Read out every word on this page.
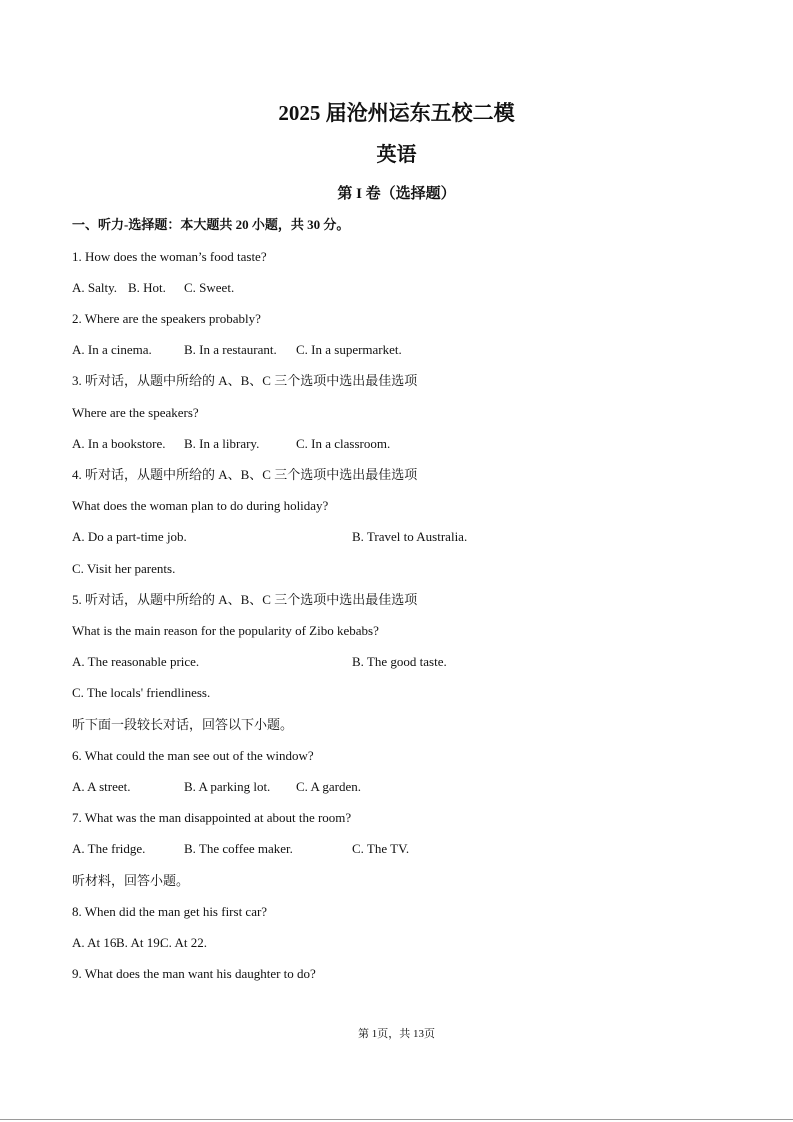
2025 届沧州运东五校二模
英语
第 I 卷（选择题）
一、听力-选择题：本大题共 20 小题，共 30 分。
1. How does the woman’s food taste?
A. Salty. B. Hot. C. Sweet.
2. Where are the speakers probably?
A. In a cinema. B. In a restaurant. C. In a supermarket.
3. 听对话，从题中所给的 A、B、C 三个选项中选出最佳选项
Where are the speakers?
A. In a bookstore. B. In a library.	C. In a classroom.
4. 听对话，从题中所给的 A、B、C 三个选项中选出最佳选项
What does the woman plan to do during holiday?
A. Do a part-time job.	B. Travel to Australia.
C. Visit her parents.
5. 听对话，从题中所给的 A、B、C 三个选项中选出最佳选项
What is the main reason for the popularity of Zibo kebabs?
A. The reasonable price.	B. The good taste.
C. The locals' friendliness.
听下面一段较长对话，回答以下小题。
6. What could the man see out of the window?
A. A street.	B. A parking lot. C. A garden.
7. What was the man disappointed at about the room?
A. The fridge.	B. The coffee maker.	C. The TV.
听材料，回答小题。
8. When did the man get his first car?
A. At 16.
B. At 19.
C. At 22.
9. What does the man want his daughter to do?
第 1页，共 13页
